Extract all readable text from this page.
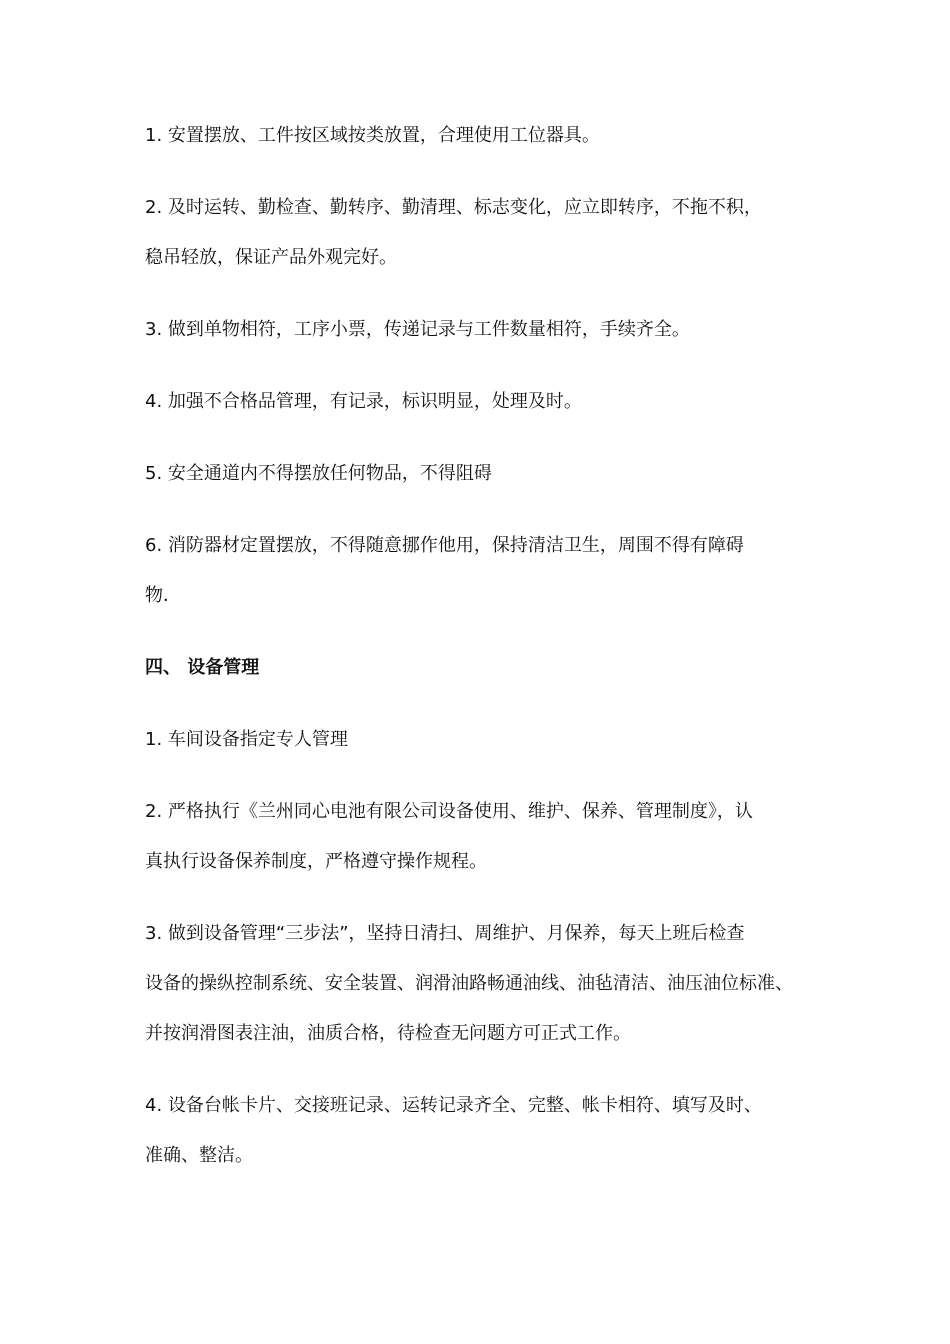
1. 安置摆放、工件按区域按类放置，合理使用工位器具。
2. 及时运转、勤检查、勤转序、勤清理、标志变化，应立即转序，不拖不积，
稳吊轻放，保证产品外观完好。
3. 做到单物相符，工序小票，传递记录与工件数量相符，手续齐全。
4. 加强不合格品管理，有记录，标识明显，处理及时。
5. 安全通道内不得摆放任何物品，不得阻碍
6. 消防器材定置摆放，不得随意挪作他用，保持清洁卫生，周围不得有障碍
物．
四、 设备管理
1. 车间设备指定专人管理
2. 严格执行《兰州同心电池有限公司设备使用、维护、保养、管理制度》，认
真执行设备保养制度，严格遵守操作规程。
3. 做到设备管理“三步法”，坚持日清扫、周维护、月保养，每天上班后检查
设备的操纵控制系统、安全装置、润滑油路畅通油线、油毡清洁、油压油位标准、
并按润滑图表注油，油质合格，待检查无问题方可正式工作。
4. 设备台帐卡片、交接班记录、运转记录齐全、完整、帐卡相符、填写及时、
准确、整洁。
